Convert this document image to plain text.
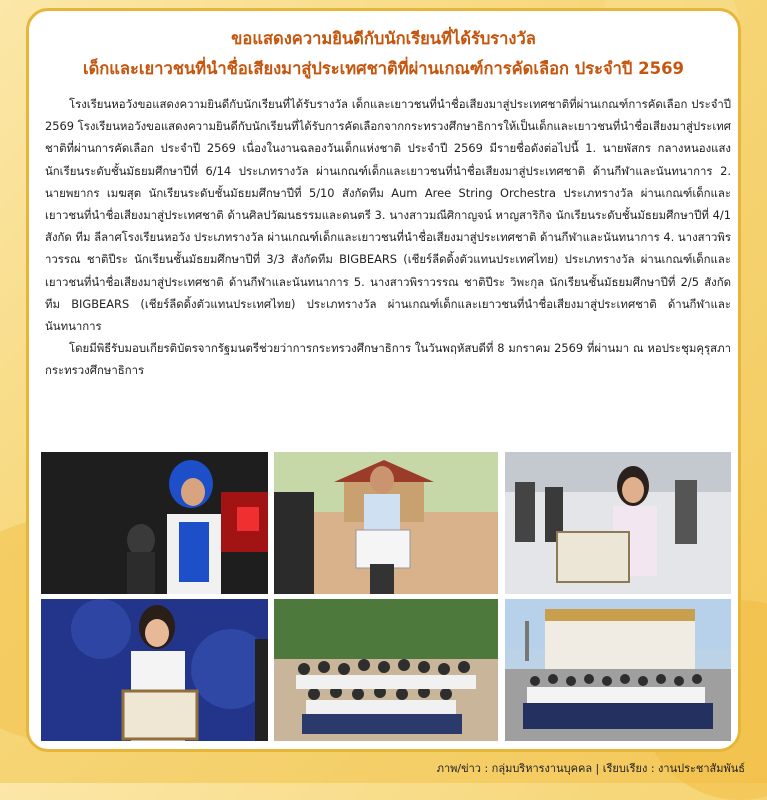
ขอแสดงความยินดีกับนักเรียนที่ได้รับรางวัล
เด็กและเยาวชนที่นำชื่อเสียงมาสู่ประเทศชาติที่ผ่านเกณฑ์การคัดเลือก ประจำปี 2569

โรงเรียนหอวังขอแสดงความยินดีกับนักเรียนที่ได้รับรางวัล เด็กและเยาวชนที่นำชื่อเสียงมาสู่ประเทศชาติที่ผ่านเกณฑ์การคัดเลือก ประจำปี 2569 โรงเรียนหอวังขอแสดงความยินดีกับนักเรียนที่ได้รับการคัดเลือกจากกระทรวงศึกษาธิการให้เป็นเด็กและเยาวชนที่นำชื่อเสียงมาสู่ประเทศชาติที่ผ่านการคัดเลือก ประจำปี 2569 เนื่องในงานฉลองวันเด็กแห่งชาติ ประจำปี 2569 มีรายชื่อดังต่อไปนี้ 1. นายพัสกร กลางหนองแสง นักเรียนระดับชั้นมัธยมศึกษาปีที่ 6/14 ประเภทรางวัล ผ่านเกณฑ์เด็กและเยาวชนที่นำชื่อเสียงมาสู่ประเทศชาติ ด้านกีฬาและนันทนาการ 2. นายพยากร เมฆสุต นักเรียนระดับชั้นมัธยมศึกษาปีที่ 5/10 สังกัดทีม Aum Aree String Orchestra ประเภทรางวัล ผ่านเกณฑ์เด็กและเยาวชนที่นำชื่อเสียงมาสู่ประเทศชาติ ด้านศิลปวัฒนธรรมและดนตรี 3. นางสาวมณีศิกาญจน์ หาญสาริกิจ นักเรียนระดับชั้นมัธยมศึกษาปีที่ 4/1 สังกัด ทีม ลีลาศโรงเรียนหอวัง ประเภทรางวัล ผ่านเกณฑ์เด็กและเยาวชนที่นำชื่อเสียงมาสู่ประเทศชาติ ด้านกีฬาและนันทนาการ 4. นางสาวพิราวรรณ ชาติปีระ นักเรียนชั้นมัธยมศึกษาปีที่ 3/3 สังกัดทีม BIGBEARS (เชียร์ลีดดิ้งตัวแทนประเทศไทย) ประเภทรางวัล ผ่านเกณฑ์เด็กและเยาวชนที่นำชื่อเสียงมาสู่ประเทศชาติ ด้านกีฬาและนันทนาการ 5. นางสาวพิราวรรณ ชาติปีระ วิพะกุล นักเรียนชั้นมัธยมศึกษาปีที่ 2/5 สังกัดทีม BIGBEARS (เชียร์ลีดดิ้งตัวแทนประเทศไทย) ประเภทรางวัล ผ่านเกณฑ์เด็กและเยาวชนที่นำชื่อเสียงมาสู่ประเทศชาติ ด้านกีฬาและนันทนาการ

โดยมีพิธีรับมอบเกียรติบัตรจากรัฐมนตรีช่วยว่าการกระทรวงศึกษาธิการ ในวันพฤหัสบดีที่ 8 มกราคม 2569 ที่ผ่านมา ณ หอประชุมคุรุสภา กระทรวงศึกษาธิการ

ภาพ/ข่าว : กลุ่มบริหารงานบุคคล | เรียบเรียง : งานประชาสัมพันธ์
